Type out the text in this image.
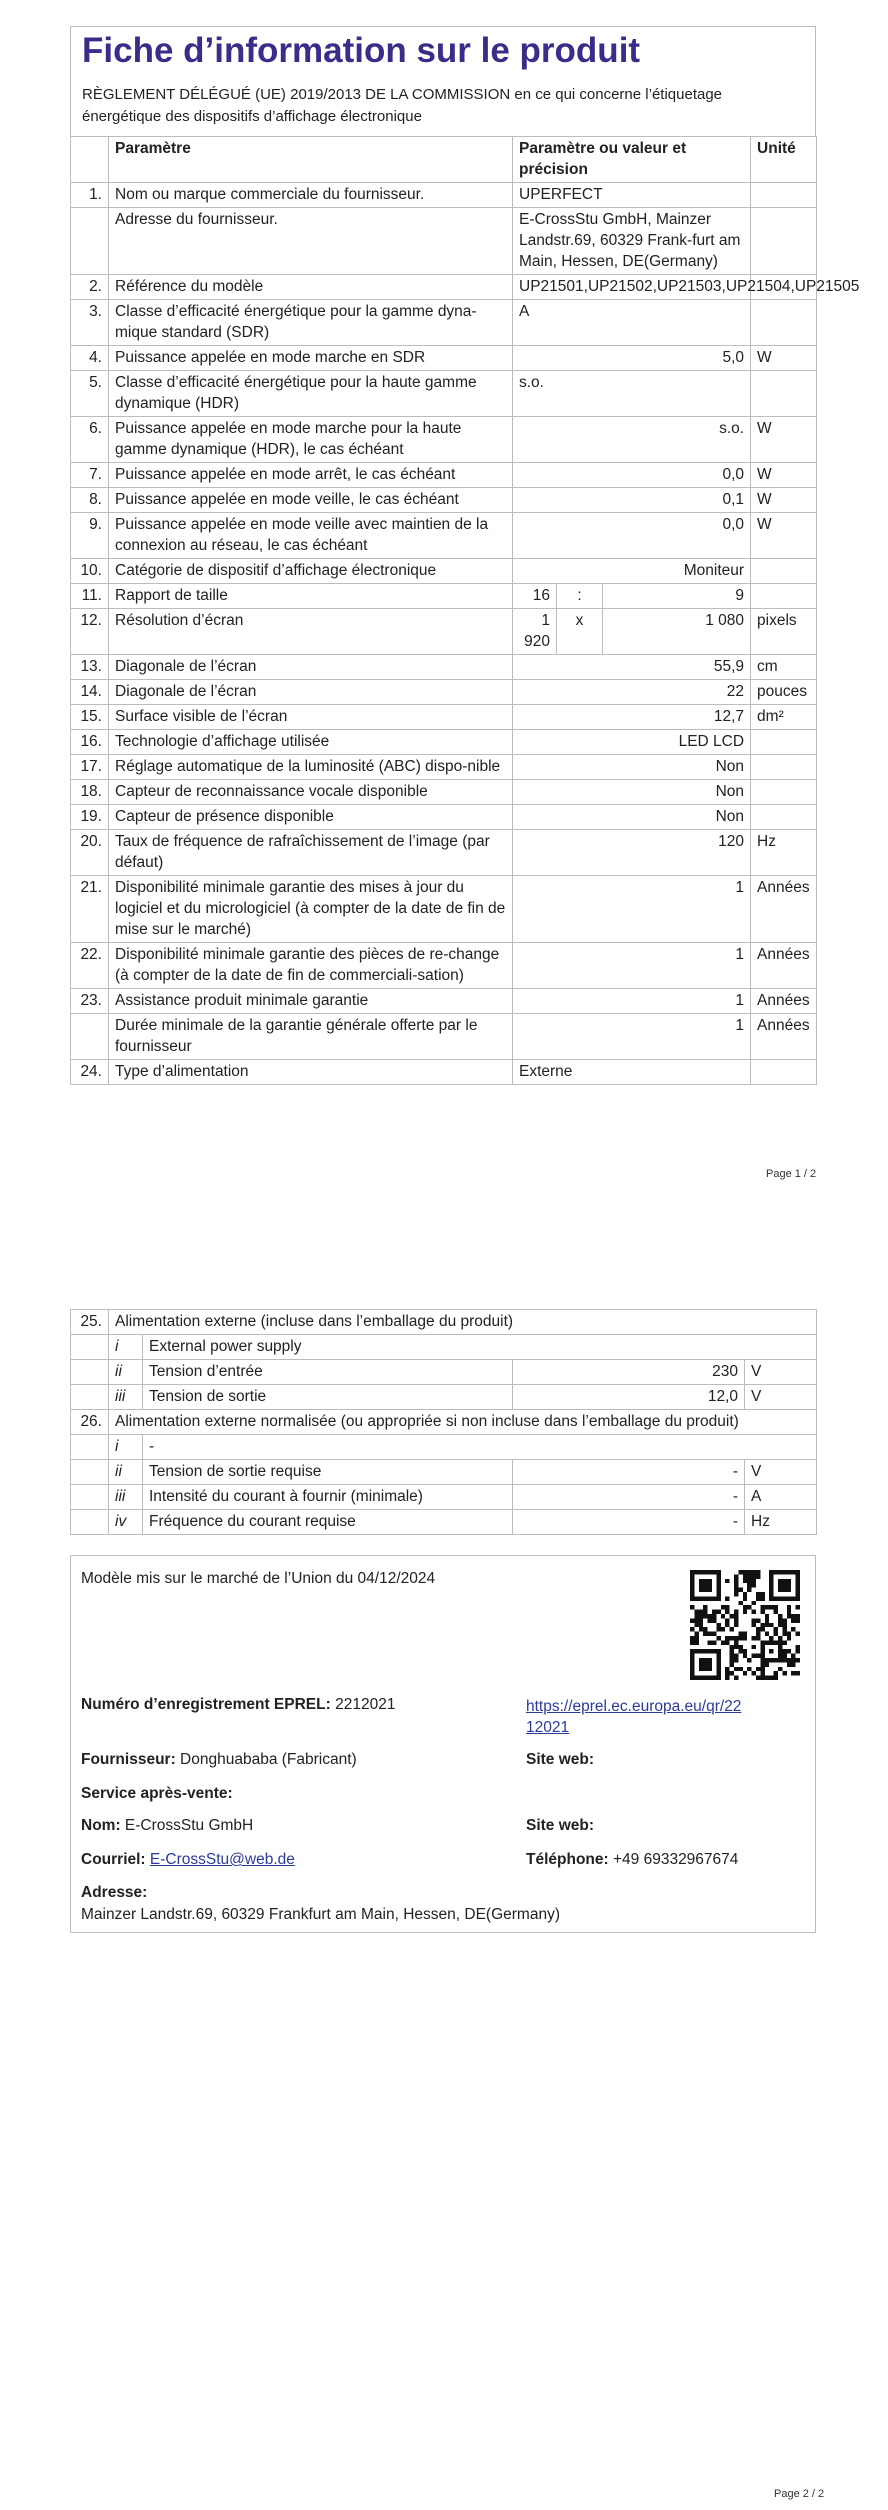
Fiche d’information sur le produit
RÈGLEMENT DÉLÉGUÉ (UE) 2019/2013 DE LA COMMISSION en ce qui concerne l’étiquetage énergétique des dispositifs d’affichage électronique
	Paramètre	Paramètre ou valeur et précision			Unité
1.	Nom ou marque commerciale du fournisseur.	UPERFECT			
	Adresse du fournisseur.	E-CrossStu GmbH, Mainzer Landstr.69, 60329 Frank-furt am Main, Hessen, DE(Germany)			
2.	Référence du modèle	UP21501,UP21502,UP21503,UP21504,UP21505			
3.	Classe d’efficacité énergétique pour la gamme dyna-mique standard (SDR)	A			
4.	Puissance appelée en mode marche en SDR	5,0			W
5.	Classe d’efficacité énergétique pour la haute gamme dynamique (HDR)	s.o.			
6.	Puissance appelée en mode marche pour la haute gamme dynamique (HDR), le cas échéant	s.o.			W
7.	Puissance appelée en mode arrêt, le cas échéant	0,0			W
8.	Puissance appelée en mode veille, le cas échéant	0,1			W
9.	Puissance appelée en mode veille avec maintien de la connexion au réseau, le cas échéant	0,0			W
10.	Catégorie de dispositif d’affichage électronique	Moniteur			
11.	Rapport de taille	16	:	9	
12.	Résolution d’écran	1 920	x	1 080	pixels
13.	Diagonale de l’écran	55,9			cm
14.	Diagonale de l’écran	22			pouces
15.	Surface visible de l’écran	12,7			dm²
16.	Technologie d’affichage utilisée	LED LCD			
17.	Réglage automatique de la luminosité (ABC) dispo-nible	Non			
18.	Capteur de reconnaissance vocale disponible	Non			
19.	Capteur de présence disponible	Non			
20.	Taux de fréquence de rafraîchissement de l’image (par défaut)	120			Hz
21.	Disponibilité minimale garantie des mises à jour du logiciel et du micrologiciel (à compter de la date de fin de mise sur le marché)	1			Années
22.	Disponibilité minimale garantie des pièces de re-change (à compter de la date de fin de commerciali-sation)	1			Années
23.	Assistance produit minimale garantie	1			Années
	Durée minimale de la garantie générale offerte par le fournisseur	1			Années
24.	Type d’alimentation	Externe			
Page 1 / 2
25.	Alimentation externe (incluse dans l’emballage du produit)			
	i	External power supply		
	ii	Tension d’entrée	230	V
	iii	Tension de sortie	12,0	V
26.	Alimentation externe normalisée (ou appropriée si non incluse dans l’emballage du produit)			
	i	-		
	ii	Tension de sortie requise	-	V
	iii	Intensité du courant à fournir (minimale)	-	A
	iv	Fréquence du courant requise	-	Hz
Modèle mis sur le marché de l’Union du 04/12/2024
Numéro d’enregistrement EPREL: 2212021	https://eprel.ec.europa.eu/qr/22
12021
Fournisseur: Donghuababa (Fabricant)	Site web:
Service après-vente:
Nom: E-CrossStu GmbH	Site web:
Courriel: E-CrossStu@web.de	Téléphone: +49 69332967674
Adresse:
Mainzer Landstr.69, 60329 Frankfurt am Main, Hessen, DE(Germany)
Page 2 / 2
